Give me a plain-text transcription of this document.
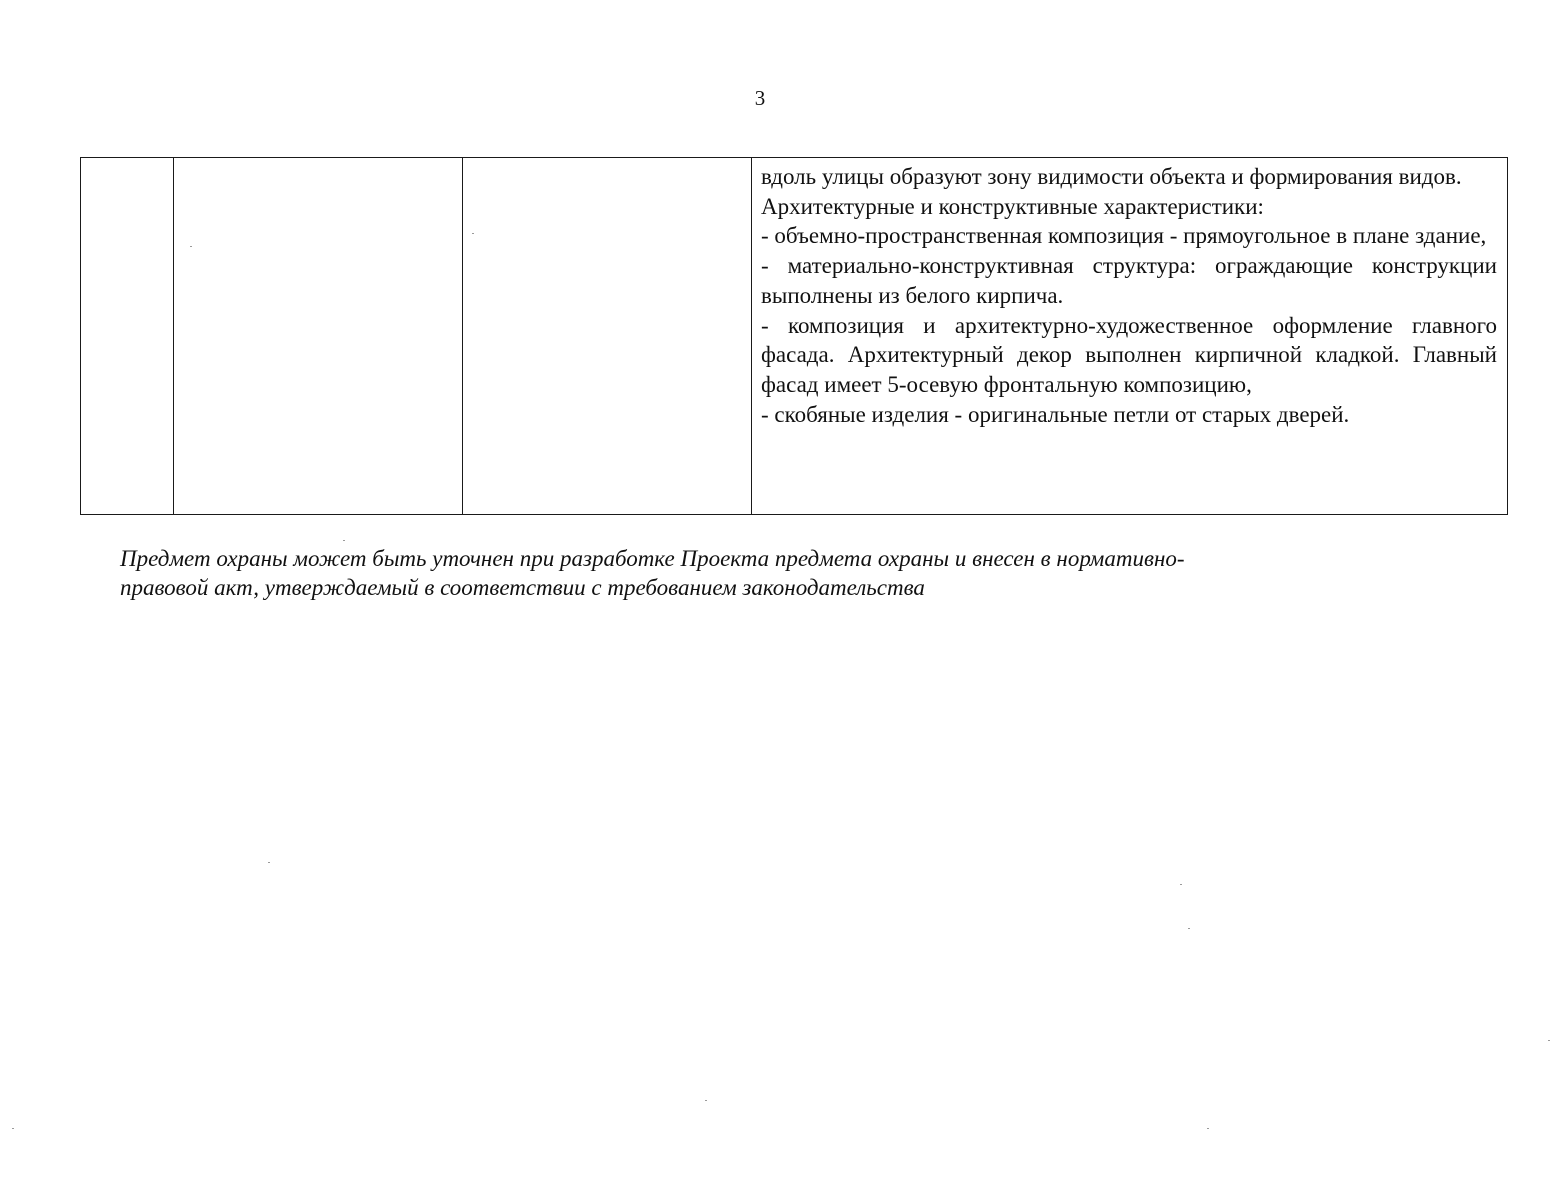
3

вдоль улицы образуют зону видимости объекта и формирования видов.

Архитектурные и конструктивные характеристики:

- объемно-пространственная композиция - прямоугольное в плане здание,

- материально-конструктивная структура: ограждающие конструкции выполнены из белого кирпича.

- композиция и архитектурно-художественное оформление главного фасада. Архитектурный декор выполнен кирпичной кладкой. Главный фасад имеет 5-осевую фронтальную композицию,

- скобяные изделия - оригинальные петли от старых дверей.

Предмет охраны может быть уточнен при разработке Проекта предмета охраны и внесен в нормативно-

правовой акт, утверждаемый в соответствии с требованием законодательства
